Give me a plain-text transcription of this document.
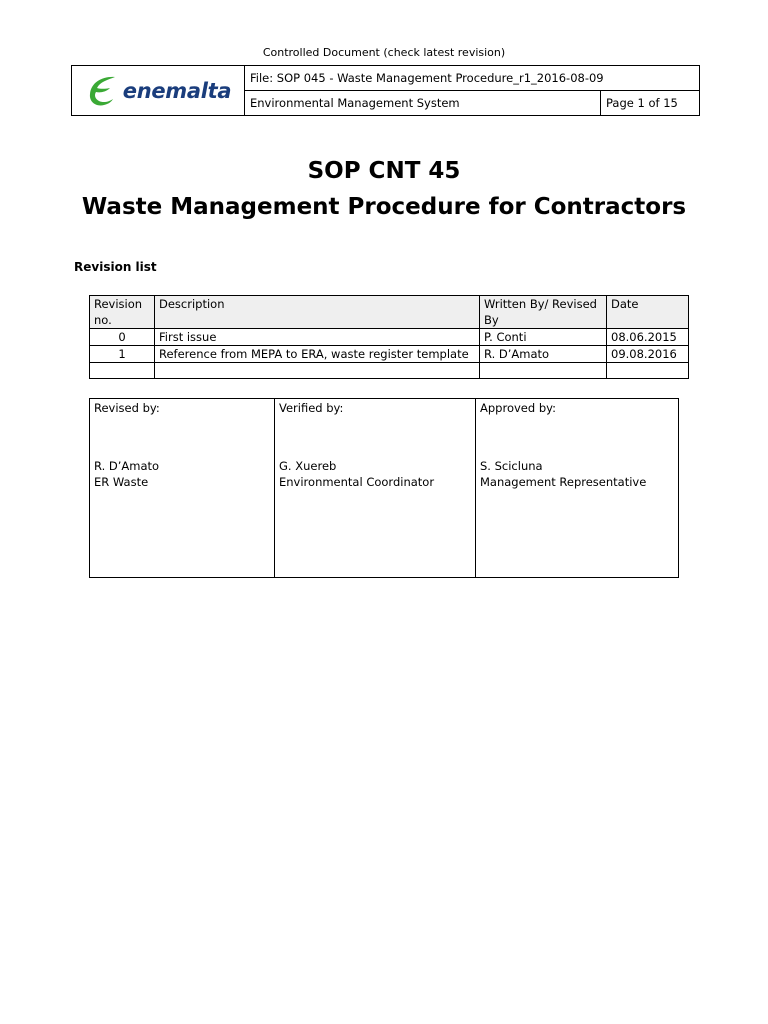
Controlled Document (check latest revision)
enemalta	File: SOP 045 - Waste Management Procedure_r1_2016-08-09	
	Environmental Management System	Page 1 of 15
SOP CNT 45
Waste Management Procedure for Contractors
Revision list
Revision no.	Description	Written By/ Revised By	Date
0	First issue	P. Conti	08.06.2015
1	Reference from MEPA to ERA, waste register template	R. D’Amato	09.08.2016

Revised by:
R. D’Amato
ER Waste

Verified by:
G. Xuereb
Environmental Coordinator

Approved by:
S. Scicluna
Management Representative
